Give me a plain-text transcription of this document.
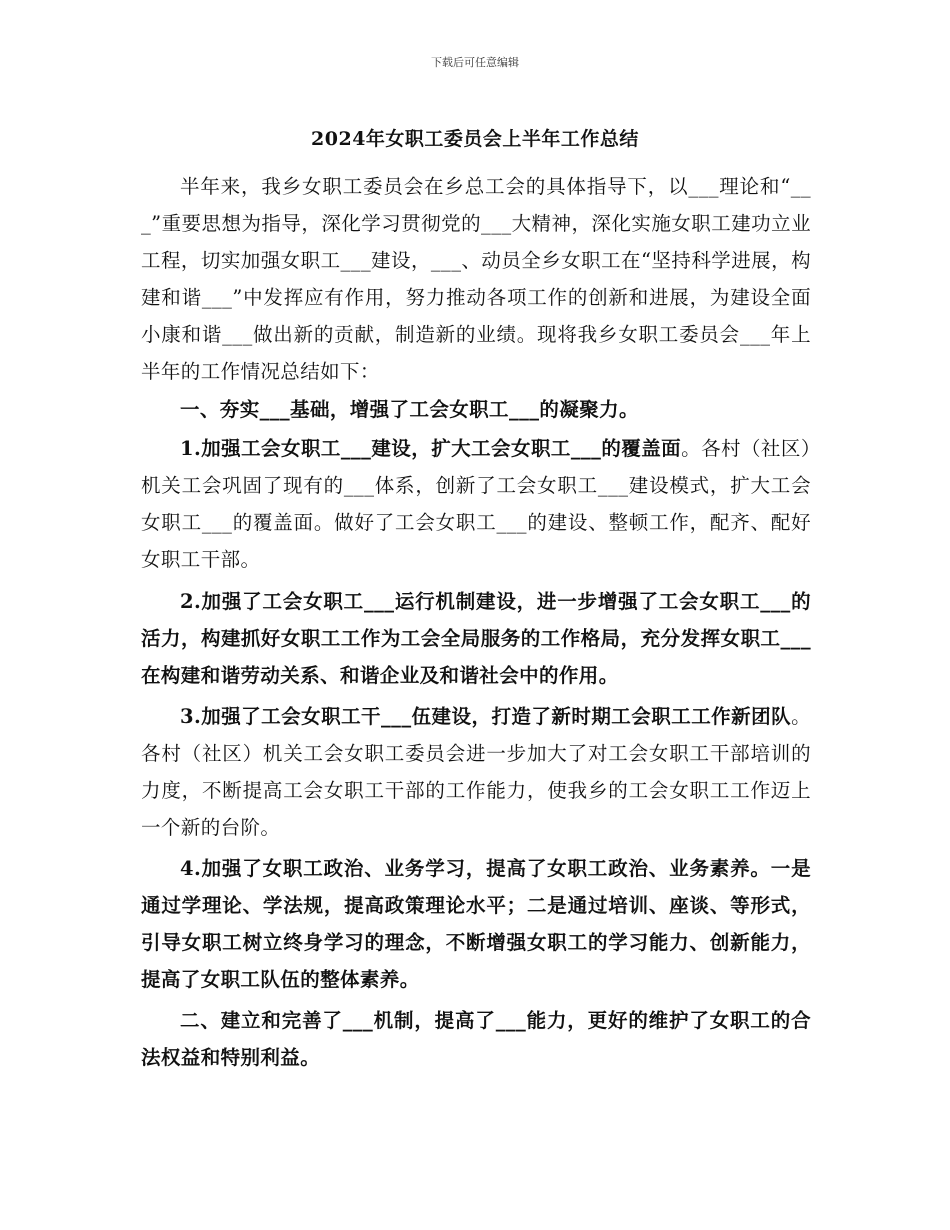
下载后可任意编辑
2024年女职工委员会上半年工作总结

半年来，我乡女职工委员会在乡总工会的具体指导下，以___理论和“___”重要思想为指导，深化学习贯彻党的___大精神，深化实施女职工建功立业工程，切实加强女职工___建设，___、动员全乡女职工在“坚持科学进展，构建和谐___”中发挥应有作用，努力推动各项工作的创新和进展，为建设全面小康和谐___做出新的贡献，制造新的业绩。现将我乡女职工委员会___年上半年的工作情况总结如下：

一、夯实___基础，增强了工会女职工___的凝聚力。

1.加强工会女职工___建设，扩大工会女职工___的覆盖面。各村（社区）机关工会巩固了现有的___体系，创新了工会女职工___建设模式，扩大工会女职工___的覆盖面。做好了工会女职工___的建设、整顿工作，配齐、配好女职工干部。

2.加强了工会女职工___运行机制建设，进一步增强了工会女职工___的活力，构建抓好女职工工作为工会全局服务的工作格局，充分发挥女职工___在构建和谐劳动关系、和谐企业及和谐社会中的作用。

3.加强了工会女职工干___伍建设，打造了新时期工会职工工作新团队。各村（社区）机关工会女职工委员会进一步加大了对工会女职工干部培训的力度，不断提高工会女职工干部的工作能力，使我乡的工会女职工工作迈上一个新的台阶。

4.加强了女职工政治、业务学习，提高了女职工政治、业务素养。一是通过学理论、学法规，提高政策理论水平；二是通过培训、座谈、等形式，引导女职工树立终身学习的理念，不断增强女职工的学习能力、创新能力，提高了女职工队伍的整体素养。

二、建立和完善了___机制，提高了___能力，更好的维护了女职工的合法权益和特别利益。
